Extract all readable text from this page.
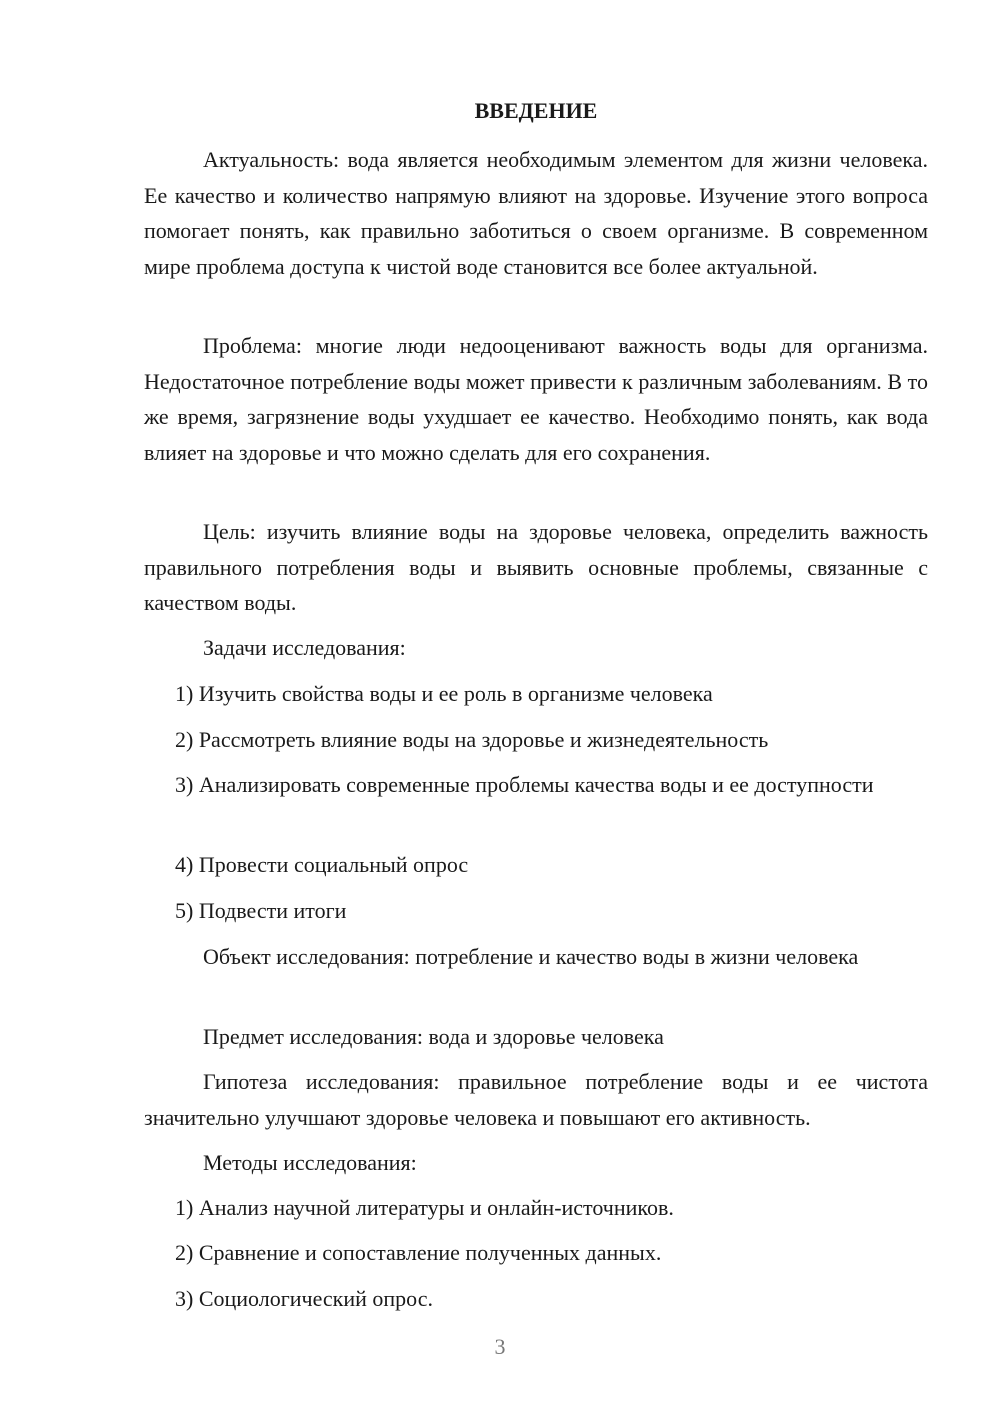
ВВЕДЕНИЕ

Актуальность: вода является необходимым элементом для жизни человека. Ее качество и количество напрямую влияют на здоровье. Изучение этого вопроса помогает понять, как правильно заботиться о своем организме. В современном мире проблема доступа к чистой воде становится все более актуальной.

Проблема: многие люди недооценивают важность воды для организма. Недостаточное потребление воды может привести к различным заболеваниям. В то же время, загрязнение воды ухудшает ее качество. Необходимо понять, как вода влияет на здоровье и что можно сделать для его сохранения.

Цель: изучить влияние воды на здоровье человека, определить важность правильного потребления воды и выявить основные проблемы, связанные с качеством воды.

Задачи исследования:

1) Изучить свойства воды и ее роль в организме человека

2) Рассмотреть влияние воды на здоровье и жизнедеятельность

3) Анализировать современные проблемы качества воды и ее доступности

4) Провести социальный опрос

5) Подвести итоги

Объект исследования: потребление и качество воды в жизни человека

Предмет исследования: вода и здоровье человека

Гипотеза исследования: правильное потребление воды и ее чистота значительно улучшают здоровье человека и повышают его активность.

Методы исследования:

1) Анализ научной литературы и онлайн-источников.

2) Сравнение и сопоставление полученных данных.

3) Социологический опрос.

3
